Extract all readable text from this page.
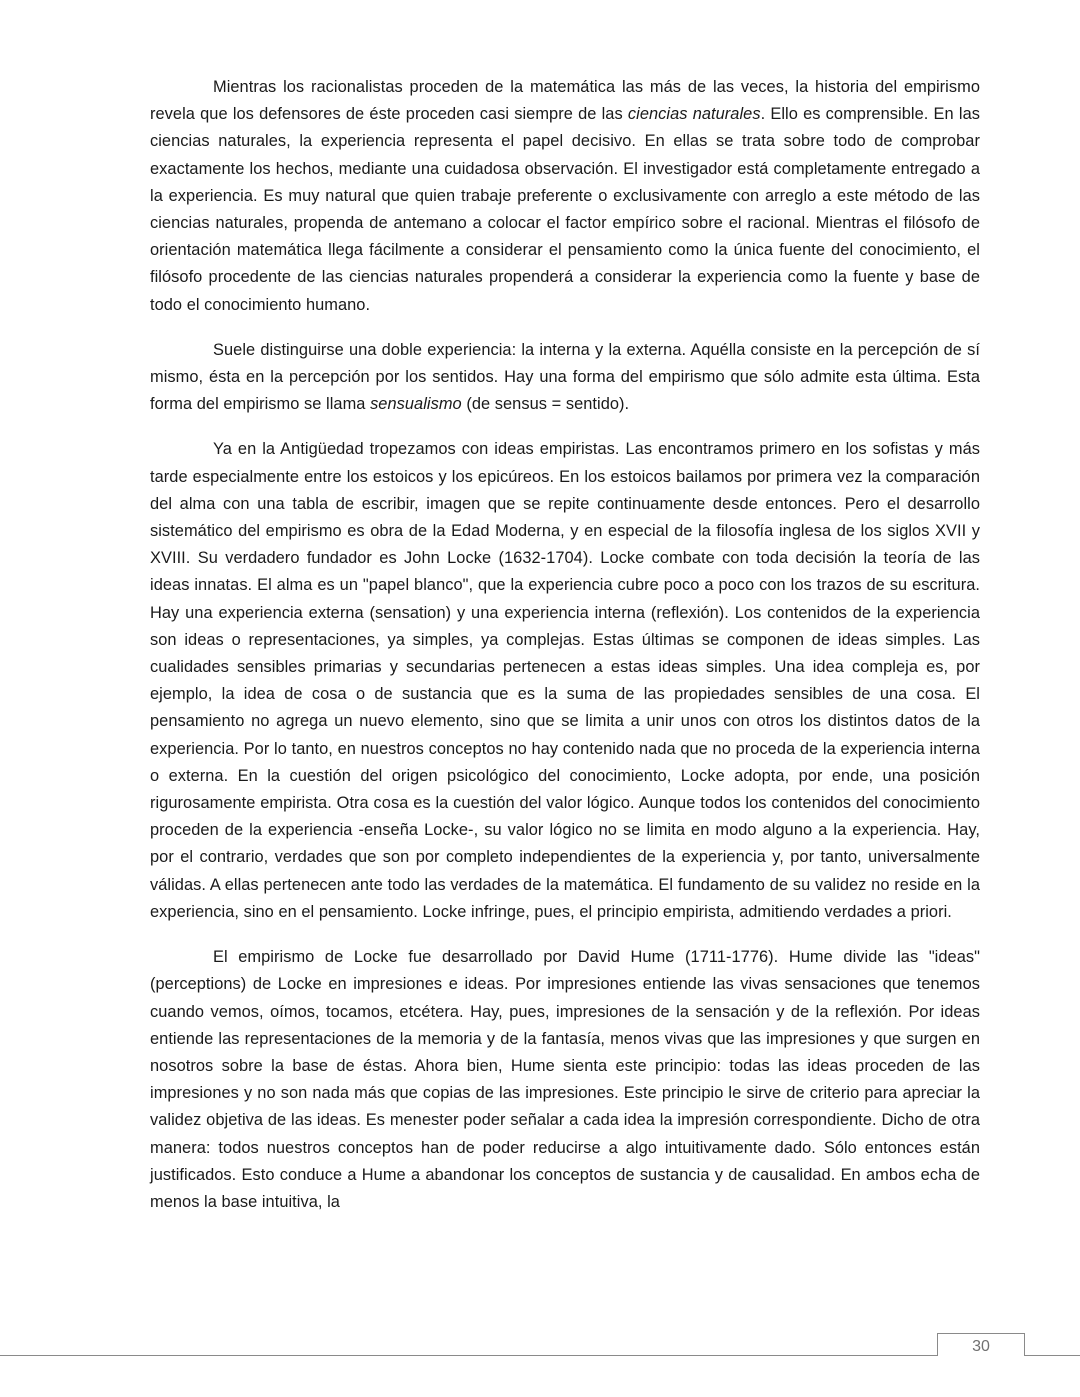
Mientras los racionalistas proceden de la matemática las más de las veces, la historia del empirismo revela que los defensores de éste proceden casi siempre de las ciencias naturales. Ello es comprensible. En las ciencias naturales, la experiencia representa el papel decisivo. En ellas se trata sobre todo de comprobar exactamente los hechos, mediante una cuidadosa observación. El investigador está completamente entregado a la experiencia. Es muy natural que quien trabaje preferente o exclusivamente con arreglo a este método de las ciencias naturales, propenda de antemano a colocar el factor empírico sobre el racional. Mientras el filósofo de orientación matemática llega fácilmente a considerar el pensamiento como la única fuente del conocimiento, el filósofo procedente de las ciencias naturales propenderá a considerar la experiencia como la fuente y base de todo el conocimiento humano.

Suele distinguirse una doble experiencia: la interna y la externa. Aquélla consiste en la percepción de sí mismo, ésta en la percepción por los sentidos. Hay una forma del empirismo que sólo admite esta última. Esta forma del empirismo se llama sensualismo (de sensus = sentido).

Ya en la Antigüedad tropezamos con ideas empiristas. Las encontramos primero en los sofistas y más tarde especialmente entre los estoicos y los epicúreos. En los estoicos bailamos por primera vez la comparación del alma con una tabla de escribir, imagen que se repite continuamente desde entonces. Pero el desarrollo sistemático del empirismo es obra de la Edad Moderna, y en especial de la filosofía inglesa de los siglos XVII y XVIII. Su verdadero fundador es John Locke (1632-1704). Locke combate con toda decisión la teoría de las ideas innatas. El alma es un "papel blanco", que la experiencia cubre poco a poco con los trazos de su escritura. Hay una experiencia externa (sensation) y una experiencia interna (reflexión). Los contenidos de la experiencia son ideas o representaciones, ya simples, ya complejas. Estas últimas se componen de ideas simples. Las cualidades sensibles primarias y secundarias pertenecen a estas ideas simples. Una idea compleja es, por ejemplo, la idea de cosa o de sustancia que es la suma de las propiedades sensibles de una cosa. El pensamiento no agrega un nuevo elemento, sino que se limita a unir unos con otros los distintos datos de la experiencia. Por lo tanto, en nuestros conceptos no hay contenido nada que no proceda de la experiencia interna o externa. En la cuestión del origen psicológico del conocimiento, Locke adopta, por ende, una posición rigurosamente empirista. Otra cosa es la cuestión del valor lógico. Aunque todos los contenidos del conocimiento proceden de la experiencia -enseña Locke-, su valor lógico no se limita en modo alguno a la experiencia. Hay, por el contrario, verdades que son por completo independientes de la experiencia y, por tanto, universalmente válidas. A ellas pertenecen ante todo las verdades de la matemática. El fundamento de su validez no reside en la experiencia, sino en el pensamiento. Locke infringe, pues, el principio empirista, admitiendo verdades a priori.

El empirismo de Locke fue desarrollado por David Hume (1711-1776). Hume divide las "ideas" (perceptions) de Locke en impresiones e ideas. Por impresiones entiende las vivas sensaciones que tenemos cuando vemos, oímos, tocamos, etcétera. Hay, pues, impresiones de la sensación y de la reflexión. Por ideas entiende las representaciones de la memoria y de la fantasía, menos vivas que las impresiones y que surgen en nosotros sobre la base de éstas. Ahora bien, Hume sienta este principio: todas las ideas proceden de las impresiones y no son nada más que copias de las impresiones. Este principio le sirve de criterio para apreciar la validez objetiva de las ideas. Es menester poder señalar a cada idea la impresión correspondiente. Dicho de otra manera: todos nuestros conceptos han de poder reducirse a algo intuitivamente dado. Sólo entonces están justificados. Esto conduce a Hume a abandonar los conceptos de sustancia y de causalidad. En ambos echa de menos la base intuitiva, la

30
